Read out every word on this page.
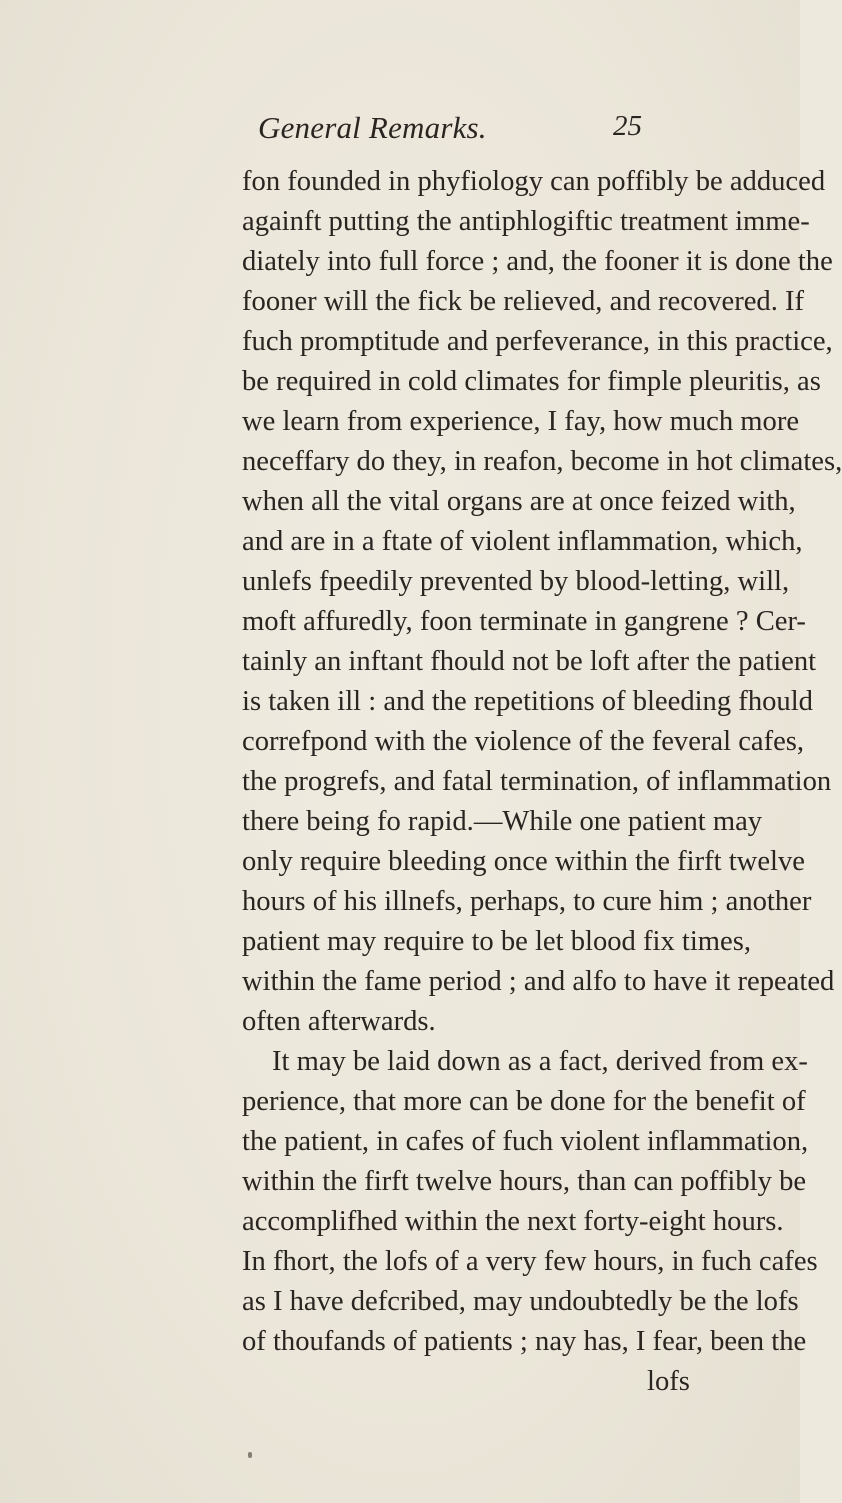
General Remarks.	25
fon founded in phyfiology can poffibly be adduced
againft putting the antiphlogiftic treatment imme-
diately into full force ; and, the fooner it is done the
fooner will the fick be relieved, and recovered. If
fuch promptitude and perfeverance, in this practice,
be required in cold climates for fimple pleuritis, as
we learn from experience, I fay, how much more
neceffary do they, in reafon, become in hot climates,
when all the vital organs are at once feized with,
and are in a ftate of violent inflammation, which,
unlefs fpeedily prevented by blood-letting, will,
moft affuredly, foon terminate in gangrene ? Cer-
tainly an inftant fhould not be loft after the patient
is taken ill : and the repetitions of bleeding fhould
correfpond with the violence of the feveral cafes,
the progrefs, and fatal termination, of inflammation
there being fo rapid.—While one patient may
only require bleeding once within the firft twelve
hours of his illnefs, perhaps, to cure him ; another
patient may require to be let blood fix times,
within the fame period ; and alfo to have it repeated
often afterwards.
It may be laid down as a fact, derived from ex-
perience, that more can be done for the benefit of
the patient, in cafes of fuch violent inflammation,
within the firft twelve hours, than can poffibly be
accomplifhed within the next forty-eight hours.
In fhort, the lofs of a very few hours, in fuch cafes
as I have defcribed, may undoubtedly be the lofs
of thoufands of patients ; nay has, I fear, been the
lofs
